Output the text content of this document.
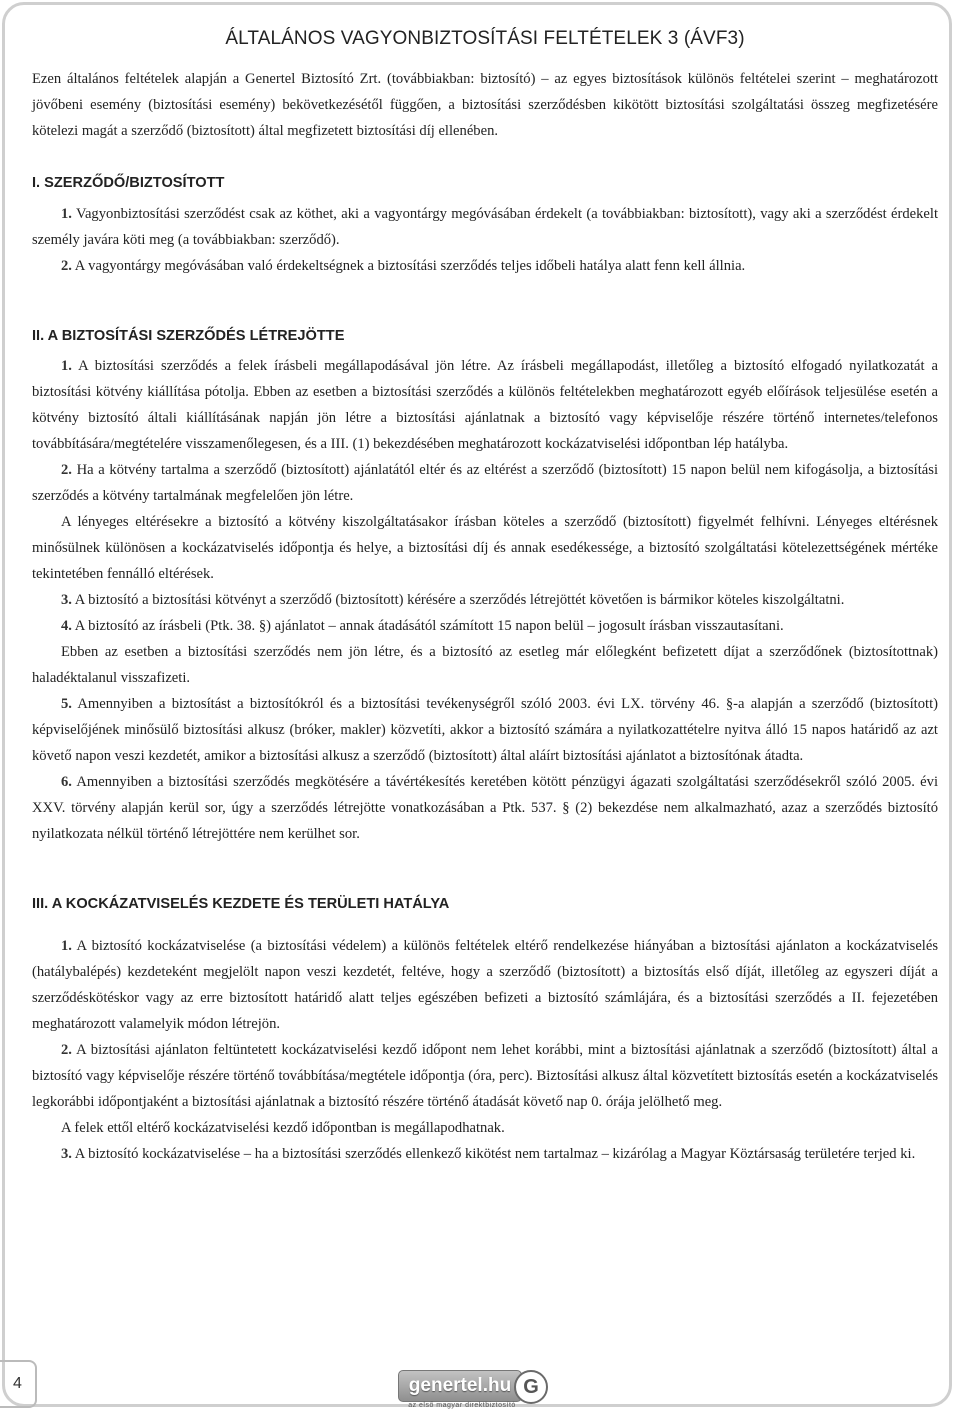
ÁLTALÁNOS VAGYONBIZTOSÍTÁSI FELTÉTELEK 3 (ÁVF3)

Ezen általános feltételek alapján a Genertel Biztosító Zrt. (továbbiakban: biztosító) – az egyes biztosítások különös feltételei szerint – meghatározott jövőbeni esemény (biztosítási esemény) bekövetkezésétől függően, a biztosítási szerződésben kikötött biztosítási szolgáltatási összeg megfizetésére kötelezi magát a szerződő (biztosított) által megfizetett biztosítási díj ellenében.

I. SZERZŐDŐ/BIZTOSÍTOTT

1. Vagyonbiztosítási szerződést csak az köthet, aki a vagyontárgy megóvásában érdekelt (a továbbiakban: biztosított), vagy aki a szerződést érdekelt személy javára köti meg (a továbbiakban: szerződő).

2. A vagyontárgy megóvásában való érdekeltségnek a biztosítási szerződés teljes időbeli hatálya alatt fenn kell állnia.

II. A BIZTOSÍTÁSI SZERZŐDÉS LÉTREJÖTTE

1. A biztosítási szerződés a felek írásbeli megállapodásával jön létre. Az írásbeli megállapodást, illetőleg a biztosító elfogadó nyilatkozatát a biztosítási kötvény kiállítása pótolja. Ebben az esetben a biztosítási szerződés a különös feltételekben meghatározott egyéb előírások teljesülése esetén a kötvény biztosító általi kiállításának napján jön létre a biztosítási ajánlatnak a biztosító vagy képviselője részére történő internetes/telefonos továbbítására/megtételére visszamenőlegesen, és a III. (1) bekezdésében meghatározott kockázatviselési időpontban lép hatályba.

2. Ha a kötvény tartalma a szerződő (biztosított) ajánlatától eltér és az eltérést a szerződő (biztosított) 15 napon belül nem kifogásolja, a biztosítási szerződés a kötvény tartalmának megfelelően jön létre.

A lényeges eltérésekre a biztosító a kötvény kiszolgáltatásakor írásban köteles a szerződő (biztosított) figyelmét felhívni. Lényeges eltérésnek minősülnek különösen a kockázatviselés időpontja és helye, a biztosítási díj és annak esedékessége, a biztosító szolgáltatási kötelezettségének mértéke tekintetében fennálló eltérések.

3. A biztosító a biztosítási kötvényt a szerződő (biztosított) kérésére a szerződés létrejöttét követően is bármikor köteles kiszolgáltatni.

4. A biztosító az írásbeli (Ptk. 38. §) ajánlatot – annak átadásától számított 15 napon belül – jogosult írásban visszautasítani.

Ebben az esetben a biztosítási szerződés nem jön létre, és a biztosító az esetleg már előlegként befizetett díjat a szerződőnek (biztosítottnak) haladéktalanul visszafizeti.

5. Amennyiben a biztosítást a biztosítókról és a biztosítási tevékenységről szóló 2003. évi LX. törvény 46. §-a alapján a szerződő (biztosított) képviselőjének minősülő biztosítási alkusz (bróker, makler) közvetíti, akkor a biztosító számára a nyilatkozattételre nyitva álló 15 napos határidő az azt követő napon veszi kezdetét, amikor a biztosítási alkusz a szerződő (biztosított) által aláírt biztosítási ajánlatot a biztosítónak átadta.

6. Amennyiben a biztosítási szerződés megkötésére a távértékesítés keretében kötött pénzügyi ágazati szolgáltatási szerződésekről szóló 2005. évi XXV. törvény alapján kerül sor, úgy a szerződés létrejötte vonatkozásában a Ptk. 537. § (2) bekezdése nem alkalmazható, azaz a szerződés biztosító nyilatkozata nélkül történő létrejöttére nem kerülhet sor.

III. A KOCKÁZATVISELÉS KEZDETE ÉS TERÜLETI HATÁLYA

1. A biztosító kockázatviselése (a biztosítási védelem) a különös feltételek eltérő rendelkezése hiányában a biztosítási ajánlaton a kockázatviselés (hatálybalépés) kezdeteként megjelölt napon veszi kezdetét, feltéve, hogy a szerződő (biztosított) a biztosítás első díját, illetőleg az egyszeri díját a szerződéskötéskor vagy az erre biztosított határidő alatt teljes egészében befizeti a biztosító számlájára, és a biztosítási szerződés a II. fejezetében meghatározott valamelyik módon létrejön.

2. A biztosítási ajánlaton feltüntetett kockázatviselési kezdő időpont nem lehet korábbi, mint a biztosítási ajánlatnak a szerződő (biztosított) által a biztosító vagy képviselője részére történő továbbítása/megtétele időpontja (óra, perc). Biztosítási alkusz által közvetített biztosítás esetén a kockázatviselés legkorábbi időpontjaként a biztosítási ajánlatnak a biztosító részére történő átadását követő nap 0. órája jelölhető meg.

A felek ettől eltérő kockázatviselési kezdő időpontban is megállapodhatnak.

3. A biztosító kockázatviselése – ha a biztosítási szerződés ellenkező kikötést nem tartalmaz – kizárólag a Magyar Köztársaság területére terjed ki.

4	genertel.hu G
az első magyar direktbiztosító
